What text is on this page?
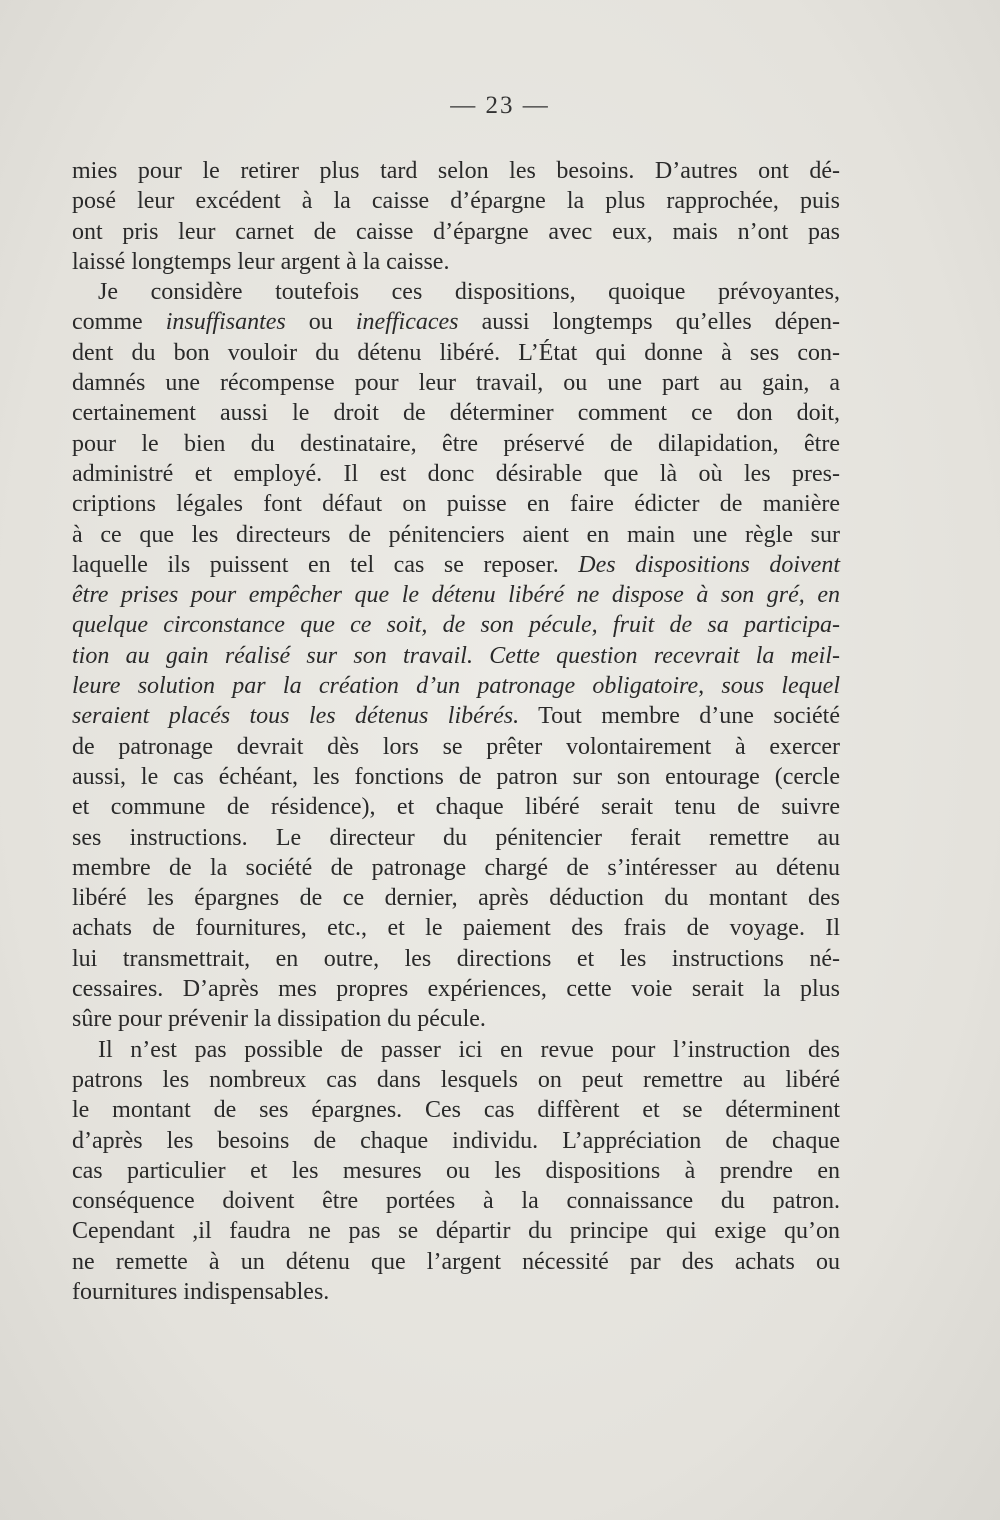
— 23 —
mies pour le retirer plus tard selon les besoins. D’autres ont dé-
posé leur excédent à la caisse d’épargne la plus rapprochée, puis
ont pris leur carnet de caisse d’épargne avec eux, mais n’ont pas
laissé longtemps leur argent à la caisse.
Je considère toutefois ces dispositions, quoique prévoyantes,
comme insuffisantes ou inefficaces aussi longtemps qu’elles dépen-
dent du bon vouloir du détenu libéré. L’État qui donne à ses con-
damnés une récompense pour leur travail, ou une part au gain, a
certainement aussi le droit de déterminer comment ce don doit,
pour le bien du destinataire, être préservé de dilapidation, être
administré et employé. Il est donc désirable que là où les pres-
criptions légales font défaut on puisse en faire édicter de manière
à ce que les directeurs de pénitenciers aient en main une règle sur
laquelle ils puissent en tel cas se reposer. Des dispositions doivent
être prises pour empêcher que le détenu libéré ne dispose à son gré, en
quelque circonstance que ce soit, de son pécule, fruit de sa participa-
tion au gain réalisé sur son travail. Cette question recevrait la meil-
leure solution par la création d’un patronage obligatoire, sous lequel
seraient placés tous les détenus libérés. Tout membre d’une société
de patronage devrait dès lors se prêter volontairement à exercer
aussi, le cas échéant, les fonctions de patron sur son entourage (cercle
et commune de résidence), et chaque libéré serait tenu de suivre
ses instructions. Le directeur du pénitencier ferait remettre au
membre de la société de patronage chargé de s’intéresser au détenu
libéré les épargnes de ce dernier, après déduction du montant des
achats de fournitures, etc., et le paiement des frais de voyage. Il
lui transmettrait, en outre, les directions et les instructions né-
cessaires. D’après mes propres expériences, cette voie serait la plus
sûre pour prévenir la dissipation du pécule.
Il n’est pas possible de passer ici en revue pour l’instruction des
patrons les nombreux cas dans lesquels on peut remettre au libéré
le montant de ses épargnes. Ces cas diffèrent et se déterminent
d’après les besoins de chaque individu. L’appréciation de chaque
cas particulier et les mesures ou les dispositions à prendre en
conséquence doivent être portées à la connaissance du patron.
Cependant ,il faudra ne pas se départir du principe qui exige qu’on
ne remette à un détenu que l’argent nécessité par des achats ou
fournitures indispensables.
